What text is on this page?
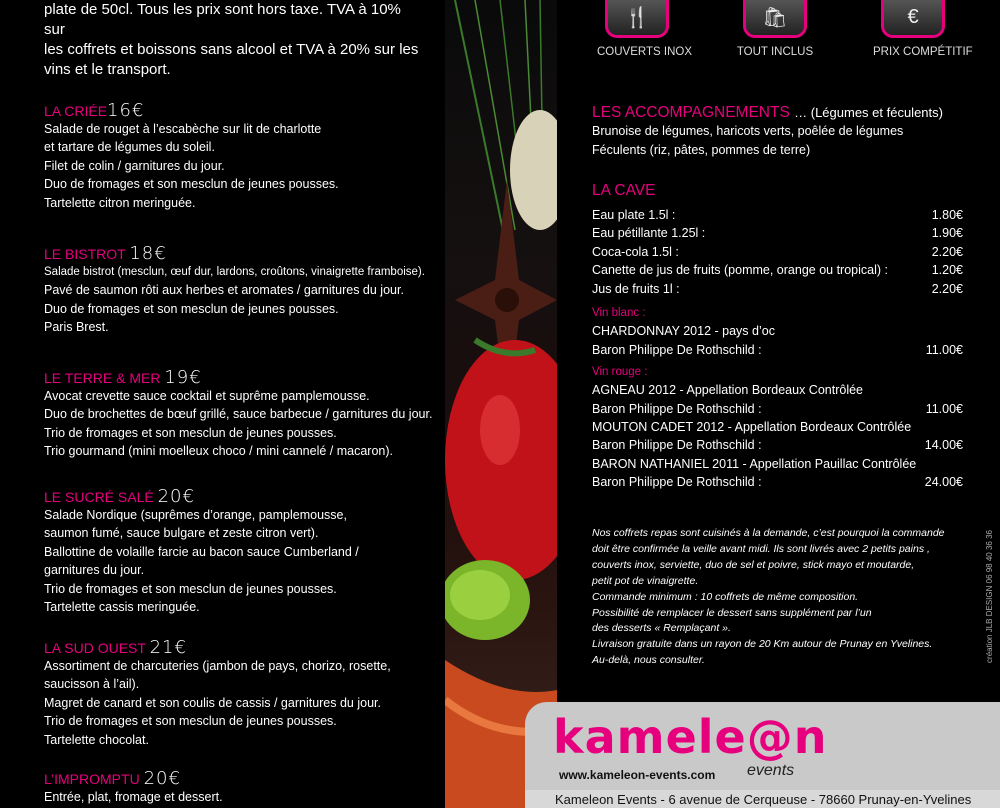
plate de 50cl. Tous les prix sont hors taxe. TVA à 10% sur
les coffrets et boissons sans alcool et TVA à 20% sur les
vins et le transport.
LA CRIÉE16€
Salade de rouget à l’escabèche sur lit de charlotte
et tartare de légumes du soleil.
Filet de colin / garnitures du jour.
Duo de fromages et son mesclun de jeunes pousses.
Tartelette citron meringuée.
LE BISTROT 18€
Salade bistrot (mesclun, œuf dur, lardons, croûtons, vinaigrette framboise).
Pavé de saumon rôti aux herbes et aromates / garnitures du jour.
Duo de fromages et son mesclun de jeunes pousses.
Paris Brest.
LE TERRE & MER 19€
Avocat crevette sauce cocktail et suprême pamplemousse.
Duo de brochettes de bœuf grillé, sauce barbecue / garnitures du jour.
Trio de fromages et son mesclun de jeunes pousses.
Trio gourmand (mini moelleux choco / mini cannelé / macaron).
LE SUCRÉ SALÉ 20€
Salade Nordique (suprêmes d’orange, pamplemousse,
saumon fumé, sauce bulgare et zeste citron vert).
Ballottine de volaille farcie au bacon sauce Cumberland /
garnitures du jour.
Trio de fromages et son mesclun de jeunes pousses.
Tartelette cassis meringuée.
LA SUD OUEST 21€
Assortiment de charcuteries (jambon de pays, chorizo, rosette,
saucisson à l’ail).
Magret de canard et son coulis de cassis / garnitures du jour.
Trio de fromages et son mesclun de jeunes pousses.
Tartelette chocolat.
L’IMPROMPTU 20€
Entrée, plat, fromage et dessert.
🍴
COUVERTS INOX
🛍
TOUT INCLUS
€
PRIX COMPÉTITIF
LES ACCOMPAGNEMENTS … (Légumes et féculents)
Brunoise de légumes, haricots verts, poêlée de légumes
Féculents (riz, pâtes, pommes de terre)
LA CAVE
Eau plate 1.5l :	1.80€
Eau pétillante 1.25l :	1.90€
Coca-cola 1.5l :	2.20€
Canette de jus de fruits (pomme, orange ou tropical) :	1.20€
Jus de fruits 1l :	2.20€
Vin blanc :
CHARDONNAY 2012 - pays d’oc
Baron Philippe De Rothschild :	11.00€
Vin rouge :
AGNEAU 2012 - Appellation Bordeaux Contrôlée
Baron Philippe De Rothschild :	11.00€
MOUTON CADET 2012 - Appellation Bordeaux Contrôlée
Baron Philippe De Rothschild :	14.00€
BARON NATHANIEL 2011 - Appellation Pauillac Contrôlée
Baron Philippe De Rothschild :	24.00€
Nos coffrets repas sont cuisinés à la demande, c’est pourquoi la commande
doit être confirmée la veille avant midi. Ils sont livrés avec 2 petits pains ,
couverts inox, serviette, duo de sel et poivre, stick mayo et moutarde,
petit pot de vinaigrette.
Commande minimum : 10 coffrets de même composition.
Possibilité de remplacer le dessert sans supplément par l’un
des desserts « Remplaçant ».
Livraison gratuite dans un rayon de 20 Km autour de Prunay en Yvelines.
Au-delà, nous consulter.	création JLB DESIGN 06 98 40 36 36
kamele@n
events
www.kameleon-events.com
Kameleon Events - 6 avenue de Cerqueuse - 78660 Prunay-en-Yvelines
